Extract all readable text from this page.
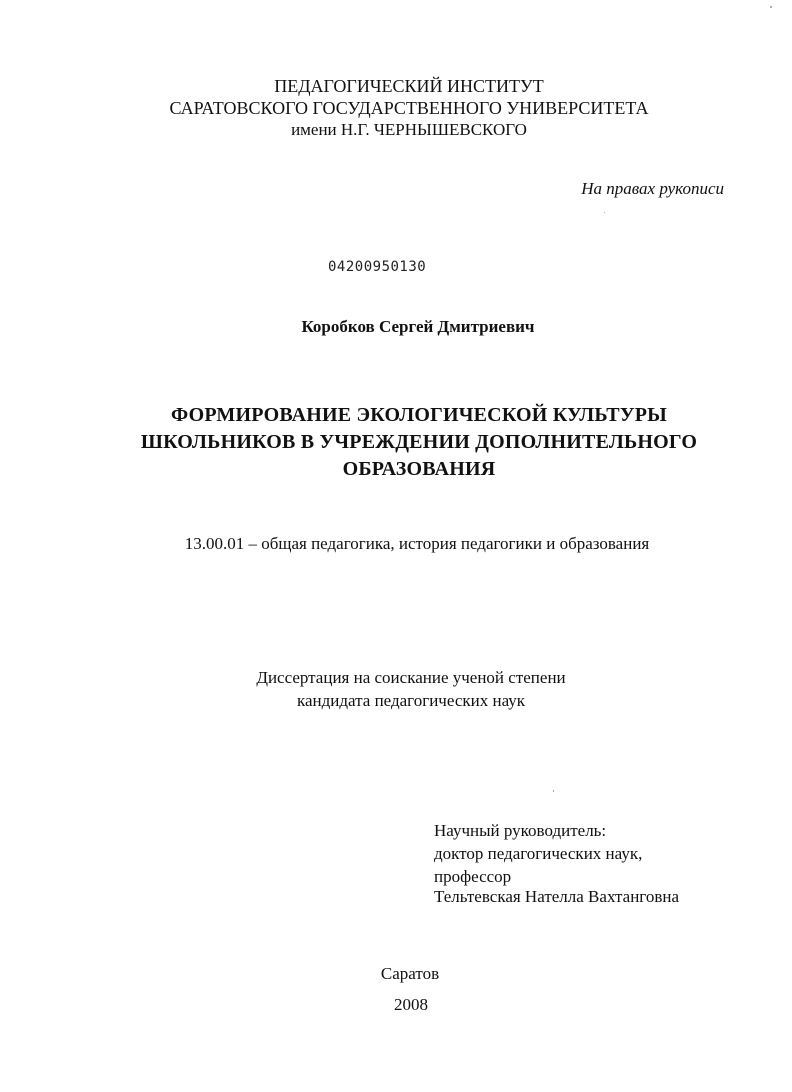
ПЕДАГОГИЧЕСКИЙ ИНСТИТУТ
САРАТОВСКОГО ГОСУДАРСТВЕННОГО УНИВЕРСИТЕТА
имени Н.Г. ЧЕРНЫШЕВСКОГО
На правах рукописи
04200950130
Коробков Сергей Дмитриевич
ФОРМИРОВАНИЕ ЭКОЛОГИЧЕСКОЙ КУЛЬТУРЫ
ШКОЛЬНИКОВ В УЧРЕЖДЕНИИ ДОПОЛНИТЕЛЬНОГО
ОБРАЗОВАНИЯ
13.00.01 – общая педагогика, история педагогики и образования
Диссертация на соискание ученой степени
кандидата педагогических наук
Научный руководитель:
доктор педагогических наук,
профессор
Тельтевская Нателла Вахтанговна
Саратов
2008
